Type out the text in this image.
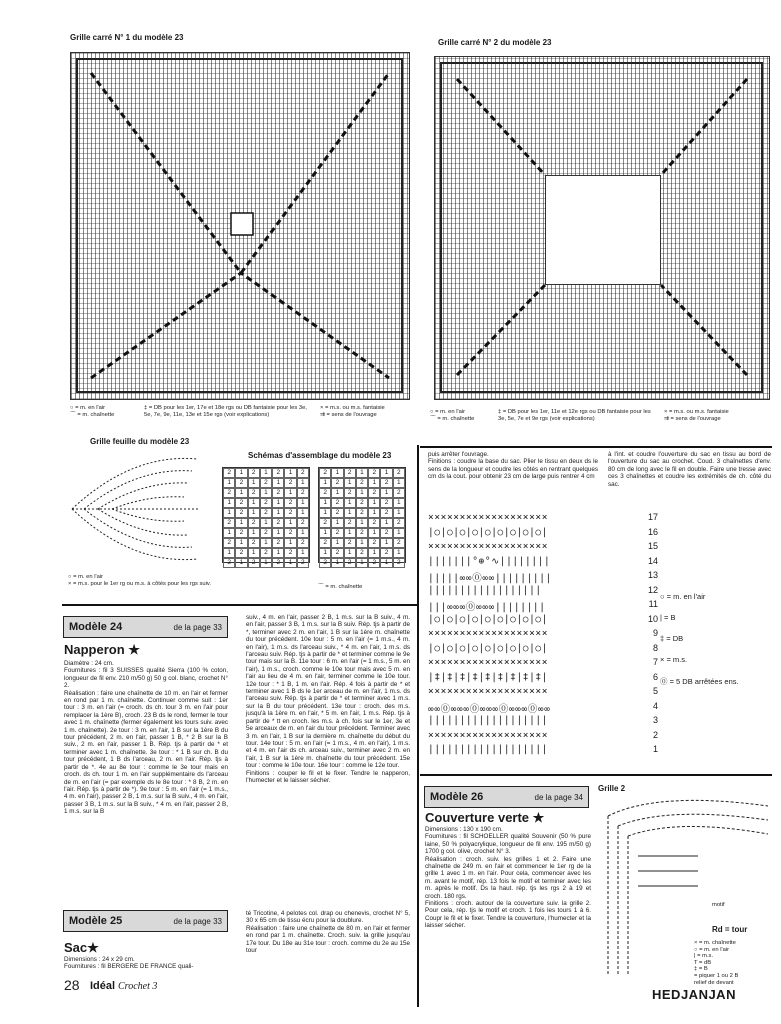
Grille carré N° 1 du modèle 23
Grille carré N° 2 du modèle 23
○ = m. en l'air
⌒ = m. chaînette
‡ = DB pour les 1er, 17e et 18e rgs ou DB fantaisie pour les 3e, 5e, 7e, 9e, 11e, 13e et 15e rgs (voir explications)
× = m.s. ou m.s. fantaisie
⇉ = sens de l'ouvrage	○ = m. en l'air
⌒ = m. chaînette
‡ = DB pour les 1er, 11e et 12e rgs ou DB fantaisie pour les 3e, 5e, 7e et 9e rgs (voir explications)
× = m.s. ou m.s. fantaisie
⇉ = sens de l'ouvrage
Grille feuille du modèle 23
Schémas d'assemblage du modèle 23
2	1	2	1	2	1	2
1	2	1	2	1	2	1
2	1	2	1	2	1	2
1	2	1	2	1	2	1
1	2	1	2	1	2	1
2	1	2	1	2	1	2
1	2	1	2	1	2	1
2	1	2	1	2	1	2
1	2	1	2	1	2	1
2	1	2	1	2	1	2
2	1	2	1	2	1	2
1	2	1	2	1	2	1
2	1	2	1	2	1	2
1	2	1	2	1	2	1
1	2	1	2	1	2	1
2	1	2	1	2	1	2
1	2	1	2	1	2	1
2	1	2	1	2	1	2
1	2	1	2	1	2	1
2	1	2	1	2	1	2
○ = m. en l'air
× = m.s. pour le 1er rg ou m.s. à côtés pour les rgs suiv.
⌒ = m. chaînette
puis arrêter l'ouvrage.
Finitions : coudre la base du sac. Plier le tissu en deux ds le sens de la longueur et coudre les côtés en rentrant quelques cm ds la cout. pour obtenir 23 cm de large puis rentrer 4 cm
à l'int. et coudre l'ouverture du sac en tissu au bord de l'ouverture du sac au crochet. Coud. 3 chaînettes d'env. 80 cm de long avec le fil en double. Faire une tresse avec ces 3 chaînettes et coudre les extrémités de ch. côté du sac.
×××××××××××××××××××	17
|○|○|○|○|○|○|○|○|○|	16
×××××××××××××××××××	15
|||||||°⊕°∿||||||||	14
|||||∞∞⓪∞∞|||||||||	13
||||||||||||||||||	12
|||∞∞∞⓪∞∞∞||||||||	11
|○|○|○|○|○|○|○|○|○|	10
×××××××××××××××××××	9
|○|○|○|○|○|○|○|○|○|	8
×××××××××××××××××××	7
|‡|‡|‡|‡|‡|‡|‡|‡|‡|	6
×××××××××××××××××××	5
∞∞⓪∞∞∞⓪∞∞∞⓪∞∞∞⓪∞∞	4
|||||||||||||||||||	3
×××××××××××××××××××	2
|||||||||||||||||||	1
○ = m. en l'air
| = B
‡ = DB
× = m.s.
⓪ = 5 DB arrêtées ens.
Modèle 24	de la page 33
Napperon ★
Diamètre : 24 cm.
Fournitures : fil 3 SUISSES qualité Sierra (100 % coton, longueur de fil env. 210 m/50 g) 50 g col. blanc, crochet N° 2.
Réalisation : faire une chaînette de 10 m. en l'air et fermer en rond par 1 m. chaînette. Continuer comme suit : 1er tour : 3 m. en l'air (= croch. ds ch. tour 3 m. en l'air pour remplacer la 1ère B), croch. 23 B ds le rond, fermer le tour avec 1 m. chaînette (fermer également les tours suiv. avec 1 m. chaînette). 2e tour : 3 m. en l'air, 1 B sur la 1ère B du tour précédent, 2 m. en l'air, passer 1 B, * 2 B sur la B suiv., 2 m. en l'air, passer 1 B. Rép. tjs à partir de * et terminer avec 1 m. chaînette. 3e tour : * 1 B sur ch. B du tour précédent, 1 B ds l'arceau, 2 m. en l'air. Rép. tjs à partir de *. 4e au 8e tour : comme le 3e tour mais en croch. ds ch. tour 1 m. en l'air supplémentaire ds l'arceau de m. en l'air (= par exemple ds le 8e tour : * 8 B, 2 m. en l'air. Rép. tjs à partir de *). 9e tour : 5 m. en l'air (= 1 m.s., 4 m. en l'air), passer 2 B, 1 m.s. sur la B suiv., 4 m. en l'air, passer 3 B, 1 m.s. sur la B suiv., * 4 m. en l'air, passer 2 B, 1 m.s. sur la B
suiv., 4 m. en l'air, passer 2 B, 1 m.s. sur la B suiv., 4 m. en l'air, passer 3 B, 1 m.s. sur la B suiv. Rép. tjs à partir de *, terminer avec 2 m. en l'air, 1 B sur la 1ère m. chaînette du tour précédent. 10e tour : 5 m. en l'air (= 1 m.s., 4 m. en l'air), 1 m.s. ds l'arceau suiv., * 4 m. en l'air, 1 m.s. ds l'arceau suiv. Rép. tjs à partir de * et terminer comme le 9e tour mais sur la B. 11e tour : 6 m. en l'air (= 1 m.s., 5 m. en l'air), 1 m.s., croch. comme le 10e tour mais avec 5 m. en l'air au lieu de 4 m. en l'air, terminer comme le 10e tour. 12e tour : * 1 B, 1 m. en l'air. Rép. 4 fois à partir de * et terminer avec 1 B ds le 1er arceau de m. en l'air, 1 m.s. ds l'arceau suiv. Rép. tjs à partir de * et terminer avec 1 m.s. sur la B du tour précédent. 13e tour : croch. des m.s. jusqu'à la 1ère m. en l'air, * 5 m. en l'air, 1 m.s. Rép. tjs à partir de * tt en croch. les m.s. à ch. fois sur le 1er, 3e et 5e arceaux de m. en l'air du tour précédent. Terminer avec 3 m. en l'air, 1 B sur la dernière m. chaînette du début du tour. 14e tour : 5 m. en l'air (= 1 m.s., 4 m. en l'air), 1 m.s. et 4 m. en l'air ds ch. arceau suiv., terminer avec 2 m. en l'air, 1 B sur la 1ère m. chaînette du tour précédent. 15e tour : comme le 10e tour. 16e tour : comme le 12e tour.
Finitions : couper le fil et le fixer. Tendre le napperon, l'humecter et le laisser sécher.
Modèle 25	de la page 33
Sac★
Dimensions : 24 x 29 cm.
Fournitures : fil BERGERE DE FRANCE quali-
té Tricotine, 4 pelotes col. drap ou chenevis, crochet N° 5, 30 x 65 cm de tissu écru pour la doublure.
Réalisation : faire une chaînette de 80 m. en l'air et fermer en rond par 1 m. chaînette. Croch. suiv. la grille jusqu'au 17e tour. Du 18e au 31e tour : croch. comme du 2e au 15e tour
Modèle 26	de la page 34
Couverture verte ★
Dimensions : 130 x 190 cm.
Fournitures : fil SCHOELLER qualité Souvenir (50 % pure laine, 50 % polyacrylique, longueur de fil env. 195 m/50 g) 1700 g col. olive, crochet N° 3.
Réalisation : croch. suiv. les grilles 1 et 2. Faire une chaînette de 249 m. en l'air et commencer le 1er rg de la grille 1 avec 1 m. en l'air. Pour cela, commencer avec les m. avant le motif, rép. 13 fois le motif et terminer avec les m. après le motif. Ds la haut. rép. tjs les rgs 2 à 19 et croch. 180 rgs.
Finitions : croch. autour de la couverture suiv. la grille 2. Pour cela, rép. tjs le motif et croch. 1 fois les tours 1 à 6. Coupr le fil et le fixer. Tendre la couverture, l'humecter et la laisser sécher.
Grille 2
motif
Rd = tour
× = m. chaînette
○ = m. en l'air
| = m.s.
T = dB
‡ = B
= piquer 1 ou 2 B
relief de devant
28 Idéal Crochet 3
HEDJANJAN
